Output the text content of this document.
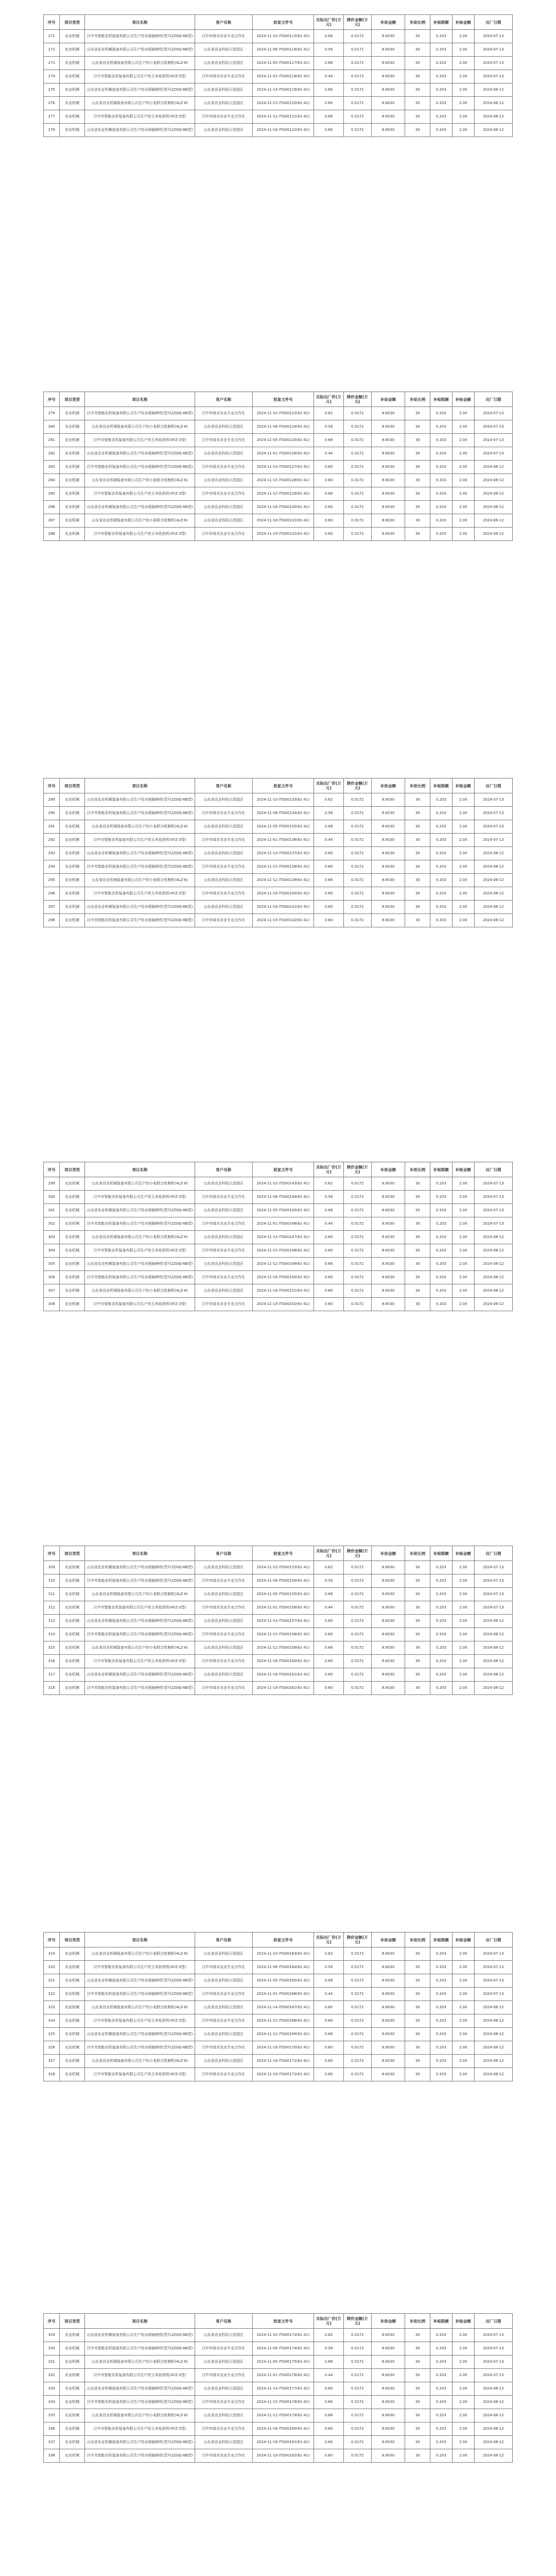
序号	项目类型	项目名称	客户名称	批复文件号	实际出厂价(万元)	降价金额(万元)	补助金额	补助比例	补贴限额	补贴金额	出厂日期
271	农业机械	汉中市智能农机装备有限公司生产的水稻插秧机(型号2ZGQ-6B型)	汉中市绿禾农业专业合作社	2024-11-10 ITG00115(61-41)	0.66	0.0172	8.6030	30	0.203	2.00	2024-07-13
272	农业机械	山东省农业机械装备有限公司生产的水稻插秧机(型号2ZGQ-6B型)	山东省农业科技示范园区	2024-11-06 ITG00116(61-41)	0.56	0.0172	8.6030	30	0.203	2.00	2024-07-13
273	农业机械	山东省农业机械装备有限公司生产的小麦联合收割机(4LZ-6)	山东省农业科技示范园区	2024-11-05 ITG00117(61-41)	0.68	0.0172	8.6030	30	0.203	2.00	2024-07-13
274	农业机械	汉中市智能农机装备有限公司生产的玉米收获机(4YZ-3型)	汉中市绿禾农业专业合作社	2024-11-01 ITG00118(61-41)	0.44	0.0172	8.6030	30	0.203	2.00	2024-07-13
275	农业机械	山东省农业机械装备有限公司生产的水稻插秧机(型号2ZGQ-6B型)	山东省农业科技示范园区	2024-11-14 ITG00119(61-41)	0.60	0.0172	8.6030	30	0.203	2.00	2024-08-12
276	农业机械	山东省农业机械装备有限公司生产的小麦联合收割机(4LZ-6)	山东省农业科技示范园区	2024-11-15 ITG00120(61-41)	0.60	0.0172	8.6030	30	0.203	2.00	2024-08-12
277	农业机械	汉中市智能农机装备有限公司生产的玉米收获机(4YZ-3型)	汉中市绿禾农业专业合作社	2024-11-12 ITG00121(61-41)	0.66	0.0172	8.6030	30	0.203	2.00	2024-08-12
278	农业机械	山东省农业机械装备有限公司生产的水稻插秧机(型号2ZGQ-6B型)	山东省农业科技示范园区	2024-11-16 ITG00122(61-41)	0.60	0.0172	8.6030	30	0.203	2.00	2024-08-12
序号	项目类型	项目名称	客户名称	批复文件号	实际出厂价(万元)	降价金额(万元)	补助金额	补助比例	补贴限额	补贴金额	出厂日期
279	农业机械	汉中市智能农机装备有限公司生产的水稻插秧机(型号2ZGQ-6B型)	汉中市绿禾农业专业合作社	2024-11-10 ITG00123(61-41)	0.62	0.0172	8.6030	30	0.203	2.00	2024-07-13
280	农业机械	山东省农业机械装备有限公司生产的小麦联合收割机(4LZ-6)	山东省农业科技示范园区	2024-11-06 ITG00124(61-41)	0.56	0.0172	8.6030	30	0.203	2.00	2024-07-13
281	农业机械	汉中市智能农机装备有限公司生产的玉米收获机(4YZ-3型)	汉中市绿禾农业专业合作社	2024-11-05 ITG00125(61-41)	0.68	0.0172	8.6030	30	0.203	2.00	2024-07-13
282	农业机械	山东省农业机械装备有限公司生产的水稻插秧机(型号2ZGQ-6B型)	山东省农业科技示范园区	2024-11-01 ITG00126(61-41)	0.44	0.0172	8.6030	30	0.203	2.00	2024-07-13
283	农业机械	汉中市智能农机装备有限公司生产的水稻插秧机(型号2ZGQ-6B型)	汉中市绿禾农业专业合作社	2024-11-14 ITG00127(61-41)	0.60	0.0172	8.6030	30	0.203	2.00	2024-08-12
284	农业机械	山东省农业机械装备有限公司生产的小麦联合收割机(4LZ-6)	山东省农业科技示范园区	2024-11-15 ITG00128(61-41)	0.60	0.0172	8.6030	30	0.203	2.00	2024-08-12
285	农业机械	汉中市智能农机装备有限公司生产的玉米收获机(4YZ-3型)	汉中市绿禾农业专业合作社	2024-11-12 ITG00129(61-41)	0.66	0.0172	8.6030	30	0.203	2.00	2024-08-12
286	农业机械	山东省农业机械装备有限公司生产的水稻插秧机(型号2ZGQ-6B型)	山东省农业科技示范园区	2024-11-16 ITG00130(61-41)	0.60	0.0172	8.6030	30	0.203	2.00	2024-08-12
287	农业机械	山东省农业机械装备有限公司生产的小麦联合收割机(4LZ-6)	山东省农业科技示范园区	2024-11-18 ITG00131(61-41)	0.60	0.0172	8.6030	30	0.203	2.00	2024-08-12
288	农业机械	汉中市智能农机装备有限公司生产的玉米收获机(4YZ-3型)	汉中市绿禾农业专业合作社	2024-11-19 ITG00132(61-41)	0.60	0.0172	8.6030	30	0.203	2.00	2024-08-12
序号	项目类型	项目名称	客户名称	批复文件号	实际出厂价(万元)	降价金额(万元)	补助金额	补助比例	补贴限额	补贴金额	出厂日期
289	农业机械	山东省农业机械装备有限公司生产的水稻插秧机(型号2ZGQ-6B型)	山东省农业科技示范园区	2024-11-10 ITG00133(61-41)	0.62	0.0172	8.6030	30	0.203	2.00	2024-07-13
290	农业机械	汉中市智能农机装备有限公司生产的水稻插秧机(型号2ZGQ-6B型)	汉中市绿禾农业专业合作社	2024-11-06 ITG00134(61-41)	0.56	0.0172	8.6030	30	0.203	2.00	2024-07-13
291	农业机械	山东省农业机械装备有限公司生产的小麦联合收割机(4LZ-6)	山东省农业科技示范园区	2024-11-05 ITG00135(61-41)	0.68	0.0172	8.6030	30	0.203	2.00	2024-07-13
292	农业机械	汉中市智能农机装备有限公司生产的玉米收获机(4YZ-3型)	汉中市绿禾农业专业合作社	2024-11-01 ITG00136(61-41)	0.44	0.0172	8.6030	30	0.203	2.00	2024-07-13
293	农业机械	山东省农业机械装备有限公司生产的水稻插秧机(型号2ZGQ-6B型)	山东省农业科技示范园区	2024-11-14 ITG00137(61-41)	0.60	0.0172	8.6030	30	0.203	2.00	2024-08-12
294	农业机械	汉中市智能农机装备有限公司生产的水稻插秧机(型号2ZGQ-6B型)	汉中市绿禾农业专业合作社	2024-11-15 ITG00138(61-41)	0.60	0.0172	8.6030	30	0.203	2.00	2024-08-12
295	农业机械	山东省农业机械装备有限公司生产的小麦联合收割机(4LZ-6)	山东省农业科技示范园区	2024-11-12 ITG00139(61-41)	0.66	0.0172	8.6030	30	0.203	2.00	2024-08-12
296	农业机械	汉中市智能农机装备有限公司生产的玉米收获机(4YZ-3型)	汉中市绿禾农业专业合作社	2024-11-16 ITG00140(61-41)	0.60	0.0172	8.6030	30	0.203	2.00	2024-08-12
297	农业机械	山东省农业机械装备有限公司生产的水稻插秧机(型号2ZGQ-6B型)	山东省农业科技示范园区	2024-11-18 ITG00141(61-41)	0.60	0.0172	8.6030	30	0.203	2.00	2024-08-12
298	农业机械	汉中市智能农机装备有限公司生产的水稻插秧机(型号2ZGQ-6B型)	汉中市绿禾农业专业合作社	2024-11-19 ITG00142(61-41)	0.60	0.0172	8.6030	30	0.203	2.00	2024-08-12
序号	项目类型	项目名称	客户名称	批复文件号	实际出厂价(万元)	降价金额(万元)	补助金额	补助比例	补贴限额	补贴金额	出厂日期
299	农业机械	山东省农业机械装备有限公司生产的小麦联合收割机(4LZ-6)	山东省农业科技示范园区	2024-11-10 ITG00143(61-41)	0.62	0.0172	8.6030	30	0.203	2.00	2024-07-13
300	农业机械	汉中市智能农机装备有限公司生产的玉米收获机(4YZ-3型)	汉中市绿禾农业专业合作社	2024-11-06 ITG00144(61-41)	0.56	0.0172	8.6030	30	0.203	2.00	2024-07-13
301	农业机械	山东省农业机械装备有限公司生产的水稻插秧机(型号2ZGQ-6B型)	山东省农业科技示范园区	2024-11-05 ITG00145(61-41)	0.68	0.0172	8.6030	30	0.203	2.00	2024-07-13
302	农业机械	汉中市智能农机装备有限公司生产的水稻插秧机(型号2ZGQ-6B型)	汉中市绿禾农业专业合作社	2024-11-01 ITG00146(61-41)	0.44	0.0172	8.6030	30	0.203	2.00	2024-07-13
303	农业机械	山东省农业机械装备有限公司生产的小麦联合收割机(4LZ-6)	山东省农业科技示范园区	2024-11-14 ITG00147(61-41)	0.60	0.0172	8.6030	30	0.203	2.00	2024-08-12
304	农业机械	汉中市智能农机装备有限公司生产的玉米收获机(4YZ-3型)	汉中市绿禾农业专业合作社	2024-11-15 ITG00148(61-41)	0.60	0.0172	8.6030	30	0.203	2.00	2024-08-12
305	农业机械	山东省农业机械装备有限公司生产的水稻插秧机(型号2ZGQ-6B型)	山东省农业科技示范园区	2024-11-12 ITG00149(61-41)	0.66	0.0172	8.6030	30	0.203	2.00	2024-08-12
306	农业机械	汉中市智能农机装备有限公司生产的水稻插秧机(型号2ZGQ-6B型)	汉中市绿禾农业专业合作社	2024-11-16 ITG00150(61-41)	0.60	0.0172	8.6030	30	0.203	2.00	2024-08-12
307	农业机械	山东省农业机械装备有限公司生产的小麦联合收割机(4LZ-6)	山东省农业科技示范园区	2024-11-18 ITG00151(61-41)	0.60	0.0172	8.6030	30	0.203	2.00	2024-08-12
308	农业机械	汉中市智能农机装备有限公司生产的玉米收获机(4YZ-3型)	汉中市绿禾农业专业合作社	2024-11-19 ITG00152(61-41)	0.60	0.0172	8.6030	30	0.203	2.00	2024-08-12
序号	项目类型	项目名称	客户名称	批复文件号	实际出厂价(万元)	降价金额(万元)	补助金额	补助比例	补贴限额	补贴金额	出厂日期
309	农业机械	山东省农业机械装备有限公司生产的水稻插秧机(型号2ZGQ-6B型)	山东省农业科技示范园区	2024-11-10 ITG00153(61-41)	0.62	0.0172	8.6030	30	0.203	2.00	2024-07-13
310	农业机械	汉中市智能农机装备有限公司生产的水稻插秧机(型号2ZGQ-6B型)	汉中市绿禾农业专业合作社	2024-11-06 ITG00154(61-41)	0.56	0.0172	8.6030	30	0.203	2.00	2024-07-13
311	农业机械	山东省农业机械装备有限公司生产的小麦联合收割机(4LZ-6)	山东省农业科技示范园区	2024-11-05 ITG00155(61-41)	0.68	0.0172	8.6030	30	0.203	2.00	2024-07-13
312	农业机械	汉中市智能农机装备有限公司生产的玉米收获机(4YZ-3型)	汉中市绿禾农业专业合作社	2024-11-01 ITG00156(61-41)	0.44	0.0172	8.6030	30	0.203	2.00	2024-07-13
313	农业机械	山东省农业机械装备有限公司生产的水稻插秧机(型号2ZGQ-6B型)	山东省农业科技示范园区	2024-11-14 ITG00157(61-41)	0.60	0.0172	8.6030	30	0.203	2.00	2024-08-12
314	农业机械	汉中市智能农机装备有限公司生产的水稻插秧机(型号2ZGQ-6B型)	汉中市绿禾农业专业合作社	2024-11-15 ITG00158(61-41)	0.60	0.0172	8.6030	30	0.203	2.00	2024-08-12
315	农业机械	山东省农业机械装备有限公司生产的小麦联合收割机(4LZ-6)	山东省农业科技示范园区	2024-11-12 ITG00159(61-41)	0.66	0.0172	8.6030	30	0.203	2.00	2024-08-12
316	农业机械	汉中市智能农机装备有限公司生产的玉米收获机(4YZ-3型)	汉中市绿禾农业专业合作社	2024-11-16 ITG00160(61-41)	0.60	0.0172	8.6030	30	0.203	2.00	2024-08-12
317	农业机械	山东省农业机械装备有限公司生产的水稻插秧机(型号2ZGQ-6B型)	山东省农业科技示范园区	2024-11-18 ITG00161(61-41)	0.60	0.0172	8.6030	30	0.203	2.00	2024-08-12
318	农业机械	汉中市智能农机装备有限公司生产的水稻插秧机(型号2ZGQ-6B型)	汉中市绿禾农业专业合作社	2024-11-19 ITG00162(61-41)	0.60	0.0172	8.6030	30	0.203	2.00	2024-08-12
序号	项目类型	项目名称	客户名称	批复文件号	实际出厂价(万元)	降价金额(万元)	补助金额	补助比例	补贴限额	补贴金额	出厂日期
319	农业机械	山东省农业机械装备有限公司生产的小麦联合收割机(4LZ-6)	山东省农业科技示范园区	2024-11-10 ITG00163(61-41)	0.62	0.0172	8.6030	30	0.203	2.00	2024-07-13
320	农业机械	汉中市智能农机装备有限公司生产的玉米收获机(4YZ-3型)	汉中市绿禾农业专业合作社	2024-11-06 ITG00164(61-41)	0.56	0.0172	8.6030	30	0.203	2.00	2024-07-13
321	农业机械	山东省农业机械装备有限公司生产的水稻插秧机(型号2ZGQ-6B型)	山东省农业科技示范园区	2024-11-05 ITG00165(61-41)	0.68	0.0172	8.6030	30	0.203	2.00	2024-07-13
322	农业机械	汉中市智能农机装备有限公司生产的水稻插秧机(型号2ZGQ-6B型)	汉中市绿禾农业专业合作社	2024-11-01 ITG00166(61-41)	0.44	0.0172	8.6030	30	0.203	2.00	2024-07-13
323	农业机械	山东省农业机械装备有限公司生产的小麦联合收割机(4LZ-6)	山东省农业科技示范园区	2024-11-14 ITG00167(61-41)	0.60	0.0172	8.6030	30	0.203	2.00	2024-08-12
324	农业机械	汉中市智能农机装备有限公司生产的玉米收获机(4YZ-3型)	汉中市绿禾农业专业合作社	2024-11-15 ITG00168(61-41)	0.60	0.0172	8.6030	30	0.203	2.00	2024-08-12
325	农业机械	山东省农业机械装备有限公司生产的水稻插秧机(型号2ZGQ-6B型)	山东省农业科技示范园区	2024-11-12 ITG00169(61-41)	0.66	0.0172	8.6030	30	0.203	2.00	2024-08-12
326	农业机械	汉中市智能农机装备有限公司生产的水稻插秧机(型号2ZGQ-6B型)	汉中市绿禾农业专业合作社	2024-11-16 ITG00170(61-41)	0.60	0.0172	8.6030	30	0.203	2.00	2024-08-12
327	农业机械	山东省农业机械装备有限公司生产的小麦联合收割机(4LZ-6)	山东省农业科技示范园区	2024-11-18 ITG00171(61-41)	0.60	0.0172	8.6030	30	0.203	2.00	2024-08-12
328	农业机械	汉中市智能农机装备有限公司生产的玉米收获机(4YZ-3型)	汉中市绿禾农业专业合作社	2024-11-19 ITG00172(61-41)	0.60	0.0172	8.6030	30	0.203	2.00	2024-08-12
序号	项目类型	项目名称	客户名称	批复文件号	实际出厂价(万元)	降价金额(万元)	补助金额	补助比例	补贴限额	补贴金额	出厂日期
329	农业机械	山东省农业机械装备有限公司生产的水稻插秧机(型号2ZGQ-6B型)	山东省农业科技示范园区	2024-11-10 ITG00173(61-41)	0.62	0.0172	8.6030	30	0.203	2.00	2024-07-13
330	农业机械	汉中市智能农机装备有限公司生产的水稻插秧机(型号2ZGQ-6B型)	汉中市绿禾农业专业合作社	2024-11-06 ITG00174(61-41)	0.56	0.0172	8.6030	30	0.203	2.00	2024-07-13
331	农业机械	山东省农业机械装备有限公司生产的小麦联合收割机(4LZ-6)	山东省农业科技示范园区	2024-11-05 ITG00175(61-41)	0.68	0.0172	8.6030	30	0.203	2.00	2024-07-13
332	农业机械	汉中市智能农机装备有限公司生产的玉米收获机(4YZ-3型)	汉中市绿禾农业专业合作社	2024-11-01 ITG00176(61-41)	0.44	0.0172	8.6030	30	0.203	2.00	2024-07-13
333	农业机械	山东省农业机械装备有限公司生产的水稻插秧机(型号2ZGQ-6B型)	山东省农业科技示范园区	2024-11-14 ITG00177(61-41)	0.60	0.0172	8.6030	30	0.203	2.00	2024-08-12
334	农业机械	汉中市智能农机装备有限公司生产的水稻插秧机(型号2ZGQ-6B型)	汉中市绿禾农业专业合作社	2024-11-15 ITG00178(61-41)	0.60	0.0172	8.6030	30	0.203	2.00	2024-08-12
335	农业机械	山东省农业机械装备有限公司生产的小麦联合收割机(4LZ-6)	山东省农业科技示范园区	2024-11-12 ITG00179(61-41)	0.66	0.0172	8.6030	30	0.203	2.00	2024-08-12
336	农业机械	汉中市智能农机装备有限公司生产的玉米收获机(4YZ-3型)	汉中市绿禾农业专业合作社	2024-11-16 ITG00180(61-41)	0.60	0.0172	8.6030	30	0.203	2.00	2024-08-12
337	农业机械	山东省农业机械装备有限公司生产的水稻插秧机(型号2ZGQ-6B型)	山东省农业科技示范园区	2024-11-18 ITG00181(61-41)	0.60	0.0172	8.6030	30	0.203	2.00	2024-08-12
338	农业机械	汉中市智能农机装备有限公司生产的水稻插秧机(型号2ZGQ-6B型)	汉中市绿禾农业专业合作社	2024-11-19 ITG00182(61-41)	0.60	0.0172	8.6030	30	0.203	2.00	2024-08-12
